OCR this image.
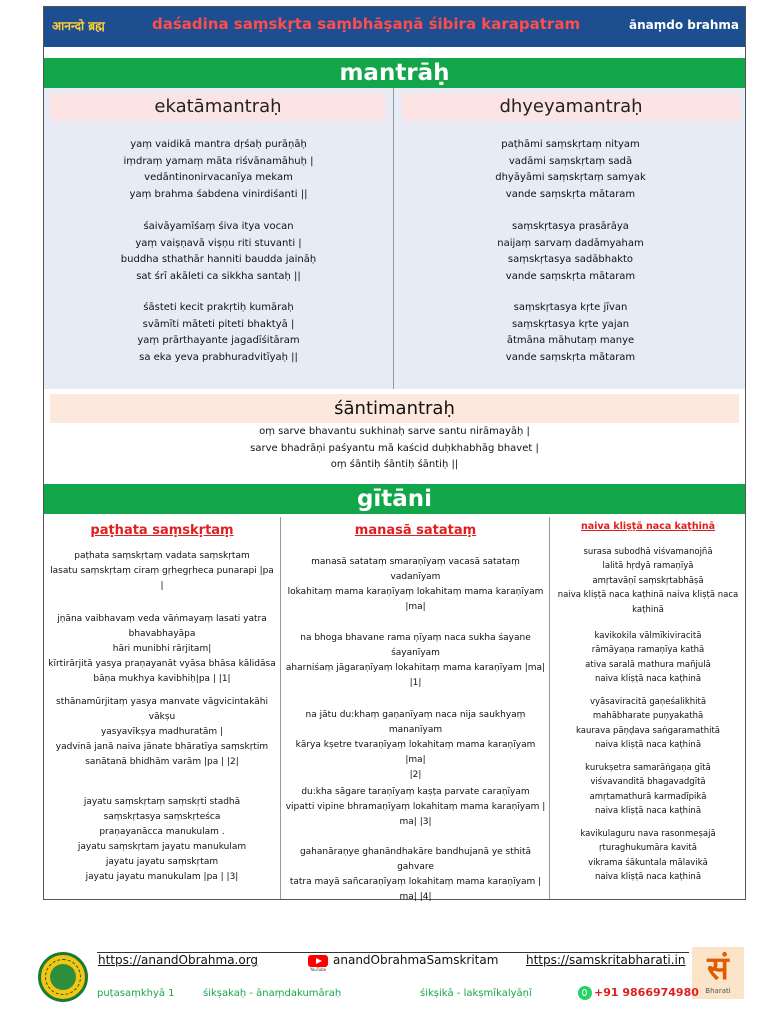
आनन्दो ब्रह्म	daśadina saṃskṛta saṃbhāṣaṇā śibira karapatram	ānaṃdo brahma
mantrāḥ
ekatāmantraḥ
yaṃ vaidikā mantra dṛśaḥ purāṇāḥ
iṃdraṃ yamaṃ māta riśvānamāhuḥ |
vedāntinonirvacanīya mekam
yaṃ brahma śabdena vinirdiśanti ||
śaivāyamīśaṃ śiva itya vocan
yaṃ vaiṣṇavā viṣṇu riti stuvanti |
buddha sthathār hanniti baudda jaināḥ
sat śrī akāleti ca sikkha santaḥ ||
śāsteti kecit prakṛtiḥ kumāraḥ
svāmīti māteti piteti bhaktyā |
yaṃ prārthayante jagadīśitāram
sa eka yeva prabhuradvitīyaḥ ||
dhyeyamantraḥ
paṭhāmi saṃskṛtaṃ nityam
vadāmi saṃskṛtaṃ sadā
dhyāyāmi saṃskṛtaṃ samyak
vande saṃskṛta mātaram
saṃskṛtasya prasārāya
naijaṃ sarvaṃ dadāmyaham
saṃskṛtasya sadābhakto
vande saṃskṛta mātaram
saṃskṛtasya kṛte jīvan
saṃskṛtasya kṛte yajan
ātmāna māhutaṃ manye
vande saṃskṛta mātaram
śāntimantraḥ
oṃ sarve bhavantu sukhinaḥ sarve santu nirāmayāḥ |
sarve bhadrāṇi paśyantu mā kaścid duḥkhabhāg bhavet |
oṃ śāntiḥ śāntiḥ śāntiḥ ||
gītāni
paṭhata saṃskṛtaṃ
paṭhata saṃskṛtaṃ vadata saṃskṛtam
lasatu saṃskṛtaṃ ciraṃ gṛhegṛheca punarapi |pa
|
jṇāna vaibhavaṃ veda vāṅmayaṃ lasati yatra
bhavabhayāpa
hāri munibhi rārjitam|
kīrtirārjitā yasya praṇayanāt vyāsa bhāsa kālidāsa
bāṇa mukhya kavibhiḥ|pa | |1|
sthānamūrjitaṃ yasya manvate vāgvicintakāhi
vākṣu
yasyavīkṣya madhuratām |
yadvinā janā naiva jānate bhāratīya saṃskṛtim
sanātanā bhidhām varām |pa | |2|
jayatu saṃskṛtaṃ saṃskṛti stadhā
saṃskṛtasya saṃskṛteśca
praṇayanācca manukulam .
jayatu saṃskṛtam jayatu manukulam
jayatu jayatu saṃskṛtam
jayatu jayatu manukulam |pa | |3|
manasā satataṃ
manasā satataṃ smaraṇīyaṃ vacasā satataṃ
vadanīyam
lokahitaṃ mama karaṇīyaṃ lokahitaṃ mama karaṇīyam
|ma|
na bhoga bhavane rama ṇīyaṃ naca sukha śayane
śayanīyam
aharniśaṃ jāgaraṇīyaṃ lokahitaṃ mama karaṇīyam |ma|
|1|
na jātu du:khaṃ gaṇanīyaṃ naca nija saukhyaṃ
mananīyam
kārya kṣetre tvaraṇīyaṃ lokahitaṃ mama karaṇīyam |ma|
|2|
du:kha sāgare taraṇīyaṃ kaṣṭa parvate caraṇīyam
vipatti vipine bhramaṇīyaṃ lokahitaṃ mama karaṇīyam |
ma| |3|
gahanāraṇye ghanāndhakāre bandhujanā ye sthitā
gahvare
tatra mayā sañcaraṇīyaṃ lokahitaṃ mama karaṇīyam |
ma| |4|
naiva kliṣṭā naca kaṭhinā
surasa subodhā viśvamanojñā
lalitā hṛdyā ramaṇīyā
amṛtavāṇī saṃskṛtabhāṣā
naiva kliṣṭā naca kaṭhinā naiva kliṣṭā naca
kaṭhinā
kavikokila vālmīkiviracitā
rāmāyaṇa ramaṇīya kathā
ativa saralā mathura mañjulā
naiva kliṣṭā naca kaṭhinā
vyāsaviracitā gaṇeśalikhitā
mahābharate puṇyakathā
kaurava pāṇḍava saṅgaramathitā
naiva kliṣṭā naca kaṭhinā
kurukṣetra samarāṅgaṇa gītā
viśvavanditā bhagavadgītā
amṛtamathurā karmadīpikā
naiva kliṣṭā naca kaṭhinā
kavikulaguru nava rasonmeṣajā
ṛturaghukumāra kavitā
vikrama śākuntala mālavikā
naiva kliṣṭā naca kaṭhinā
https://anandObrahma.org
YouTube
anandObrahmaSamskritam https://samskritabharati.in सं
Bharati
puṭasaṃkhyā 1	śikṣakaḥ - ānaṃdakumāraḥ	śikṣikā - lakṣmīkalyāṇī	+91 9866974980
